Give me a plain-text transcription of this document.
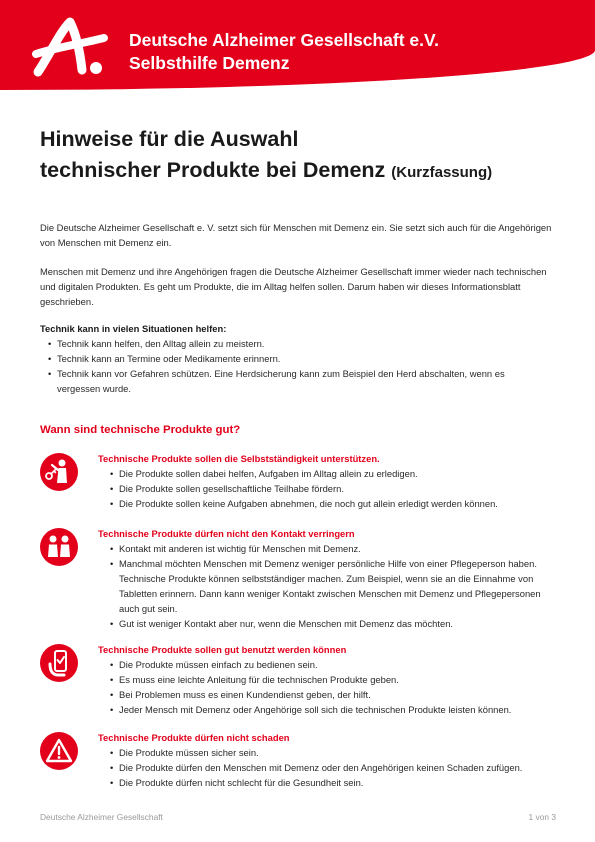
Deutsche Alzheimer Gesellschaft e.V.
Selbsthilfe Demenz
Hinweise für die Auswahl
technischer Produkte bei Demenz (Kurzfassung)

Die Deutsche Alzheimer Gesellschaft e. V. setzt sich für Menschen mit Demenz ein. Sie setzt sich auch für die Angehörigen von Menschen mit Demenz ein.

Menschen mit Demenz und ihre Angehörigen fragen die Deutsche Alzheimer Gesellschaft immer wieder nach technischen und digitalen Produkten. Es geht um Produkte, die im Alltag helfen sollen. Darum haben wir dieses Informationsblatt geschrieben.

Technik kann in vielen Situationen helfen:
• Technik kann helfen, den Alltag allein zu meistern.
• Technik kann an Termine oder Medikamente erinnern.
• Technik kann vor Gefahren schützen. Eine Herdsicherung kann zum Beispiel den Herd abschalten, wenn es vergessen wurde.
Wann sind technische Produkte gut?
Technische Produkte sollen die Selbstständigkeit unterstützen.
• Die Produkte sollen dabei helfen, Aufgaben im Alltag allein zu erledigen.
• Die Produkte sollen gesellschaftliche Teilhabe fördern.
• Die Produkte sollen keine Aufgaben abnehmen, die noch gut allein erledigt werden können.
Technische Produkte dürfen nicht den Kontakt verringern
• Kontakt mit anderen ist wichtig für Menschen mit Demenz.
• Manchmal möchten Menschen mit Demenz weniger persönliche Hilfe von einer Pflegeperson haben. Technische Produkte können selbstständiger machen. Zum Beispiel, wenn sie an die Einnahme von Tabletten erinnern. Dann kann weniger Kontakt zwischen Menschen mit Demenz und Pflegepersonen auch gut sein.
• Gut ist weniger Kontakt aber nur, wenn die Menschen mit Demenz das möchten.
Technische Produkte sollen gut benutzt werden können
• Die Produkte müssen einfach zu bedienen sein.
• Es muss eine leichte Anleitung für die technischen Produkte geben.
• Bei Problemen muss es einen Kundendienst geben, der hilft.
• Jeder Mensch mit Demenz oder Angehörige soll sich die technischen Produkte leisten können.
Technische Produkte dürfen nicht schaden
• Die Produkte müssen sicher sein.
• Die Produkte dürfen den Menschen mit Demenz oder den Angehörigen keinen Schaden zufügen.
• Die Produkte dürfen nicht schlecht für die Gesundheit sein.
Deutsche Alzheimer Gesellschaft	1 von 3
